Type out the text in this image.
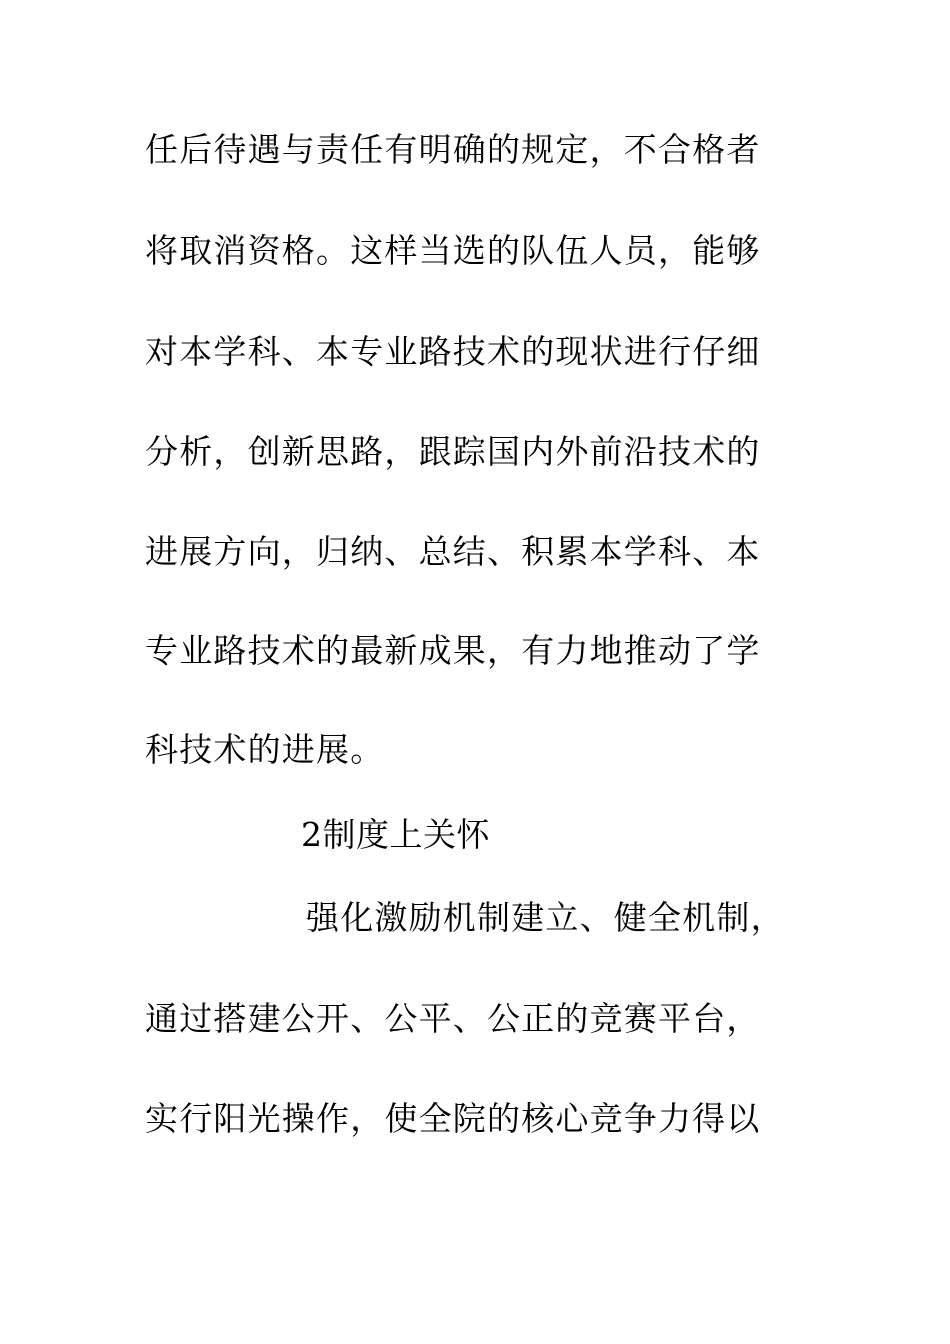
任后待遇与责任有明确的规定，不合格者
将取消资格。这样当选的队伍人员，能够
对本学科、本专业路技术的现状进行仔细
分析，创新思路，跟踪国内外前沿技术的
进展方向，归纳、总结、积累本学科、本
专业路技术的最新成果，有力地推动了学
科技术的进展。
2制度上关怀
强化激励机制建立、健全机制，
通过搭建公开、公平、公正的竞赛平台，
实行阳光操作，使全院的核心竞争力得以
